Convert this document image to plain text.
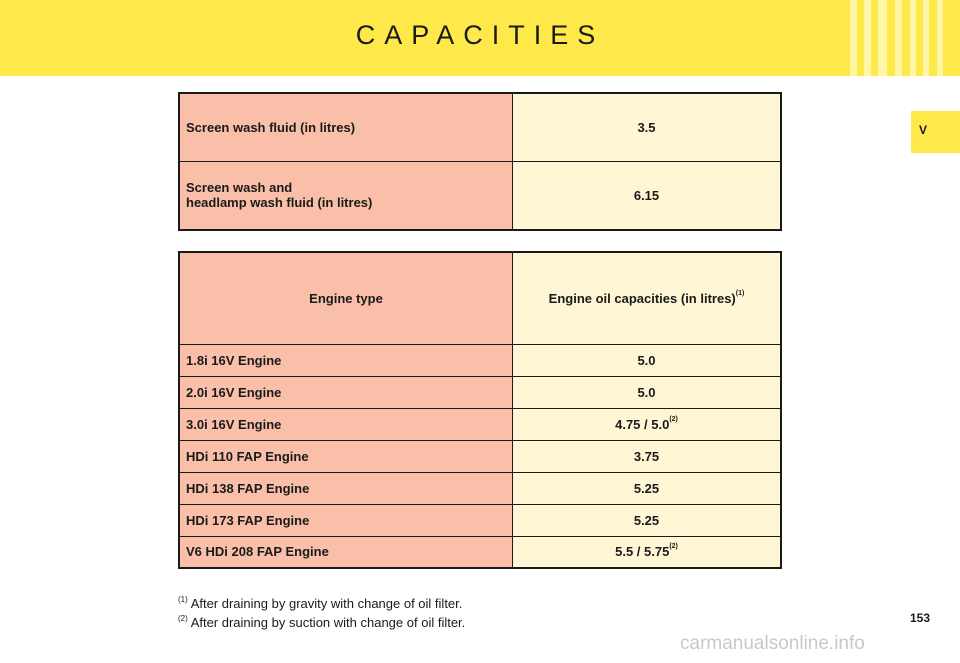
CAPACITIES
V
Screen wash fluid (in litres)	3.5

Screen wash and
headlamp wash fluid (in litres)	6.15
Engine type	Engine oil capacities (in litres)$^{(1)}$
1.8i 16V Engine	5.0
2.0i 16V Engine	5.0
3.0i 16V Engine	4.75 / 5.0$^{(2)}$
HDi 110 FAP Engine	3.75
HDi 138 FAP Engine	5.25
HDi 173 FAP Engine	5.25
V6 HDi 208 FAP Engine	5.5 / 5.75$^{(2)}$
$^{(1)}$ After draining by gravity with change of oil filter.
$^{(2)}$ After draining by suction with change of oil filter.	153
carmanualsonline.info
